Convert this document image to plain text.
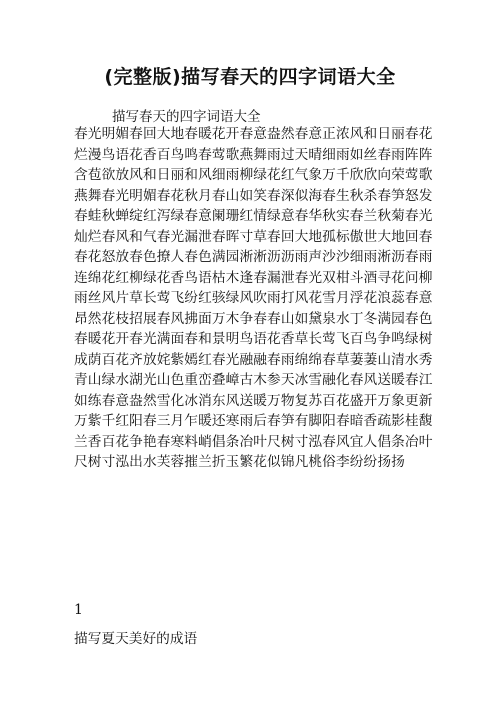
(完整版)描写春天的四字词语大全
描写春天的四字词语大全

春光明媚春回大地春暖花开春意盎然春意正浓风和日丽春花烂漫鸟语花香百鸟鸣春莺歌燕舞雨过天晴细雨如丝春雨阵阵含苞欲放风和日丽和风细雨柳绿花红气象万千欣欣向荣莺歌燕舞春光明媚春花秋月春山如笑春深似海春生秋杀春笋怒发春蛙秋蝉绽红泻绿春意阑珊红情绿意春华秋实春兰秋菊春光灿烂春风和气春光漏泄春晖寸草春回大地孤标傲世大地回春春花怒放春色撩人春色满园淅淅沥沥雨声沙沙细雨淅沥春雨连绵花红柳绿花香鸟语枯木逢春漏泄春光双柑斗酒寻花问柳雨丝风片草长莺飞纷红骇绿风吹雨打风花雪月浮花浪蕊春意昂然花枝招展春风拂面万木争春春山如黛泉水丁冬满园春色春暖花开春光满面春和景明鸟语花香草长莺飞百鸟争鸣绿树成荫百花齐放姹紫嫣红春光融融春雨绵绵春草萋萋山清水秀青山绿水湖光山色重峦叠嶂古木参天冰雪融化春风送暖春江如练春意盎然雪化冰消东风送暖万物复苏百花盛开万象更新万紫千红阳春三月乍暖还寒雨后春笋有脚阳春暗香疏影桂馥兰香百花争艳春寒料峭倡条冶叶尺树寸泓春风宜人倡条冶叶尺树寸泓出水芙蓉摧兰折玉繁花似锦凡桃俗李纷纷扬扬

1
描写夏天美好的成语
